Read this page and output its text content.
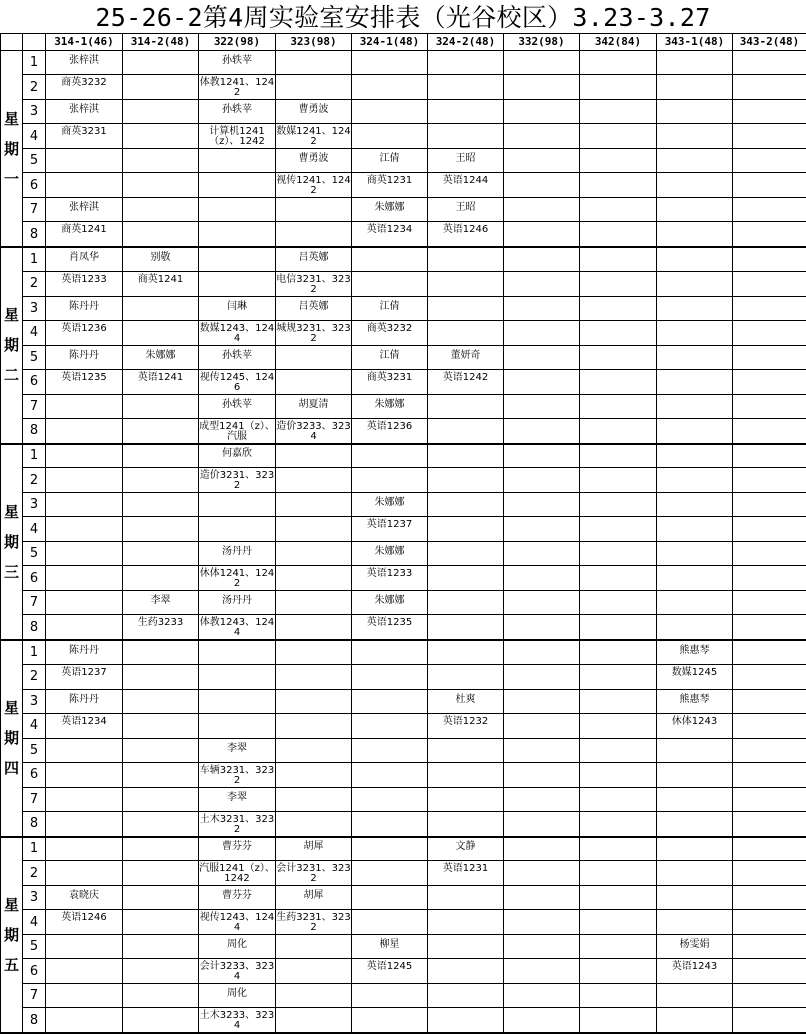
25-26-2第4周实验室安排表（光谷校区）3.23-3.27
		314-1(46)	314-2(48)	322(98)	323(98)	324-1(48)	324-2(48)	332(98)	342(84)	343-1(48)	343-2(48)

星
期
一	1	张梓淇		孙轶苹							

	2	商英3232		体教1241、1242							

	3	张梓淇		孙轶苹	曹勇波						

	4	商英3231		计算机1241（z）、1242	数媒1241、1242						

	5				曹勇波	江倩	王昭				

	6				视传1241、1242	商英1231	英语1244				

	7	张梓淇				朱娜娜	王昭				

	8	商英1241				英语1234	英语1246				

星
期
二	1	肖凤华	别敬		吕英娜						

	2	英语1233	商英1241		电信3231、3232						

	3	陈丹丹		闫琳	吕英娜	江倩					

	4	英语1236		数媒1243、1244	城规3231、3232	商英3232					

	5	陈丹丹	朱娜娜	孙轶苹		江倩	董妍奇				

	6	英语1235	英语1241	视传1245、1246		商英3231	英语1242				

	7			孙轶苹	胡夏清	朱娜娜					

	8			成型1241（z）、汽服	造价3233、3234	英语1236					

星
期
三	1			何嘉欣							

	2			造价3231、3232							

	3					朱娜娜					

	4					英语1237					

	5			汤丹丹		朱娜娜					

	6			休体1241、1242		英语1233					

	7		李翠	汤丹丹		朱娜娜					

	8		生药3233	体教1243、1244		英语1235					

星
期
四	1	陈丹丹								熊惠琴	

	2	英语1237								数媒1245	

	3	陈丹丹					杜爽			熊惠琴	

	4	英语1234					英语1232			休体1243	

	5			李翠							

	6			车辆3231、3232							

	7			李翠							

	8			土木3231、3232							

星
期
五	1			曹芬芬	胡犀		文静				

	2			汽服1241（z）、1242	会计3231、3232		英语1231				

	3	袁晓庆		曹芬芬	胡犀						

	4	英语1246		视传1243、1244	生药3231、3232						

	5			周化		柳星				杨雯娟	

	6			会计3233、3234		英语1245				英语1243	

	7			周化							

	8			土木3233、3234							
